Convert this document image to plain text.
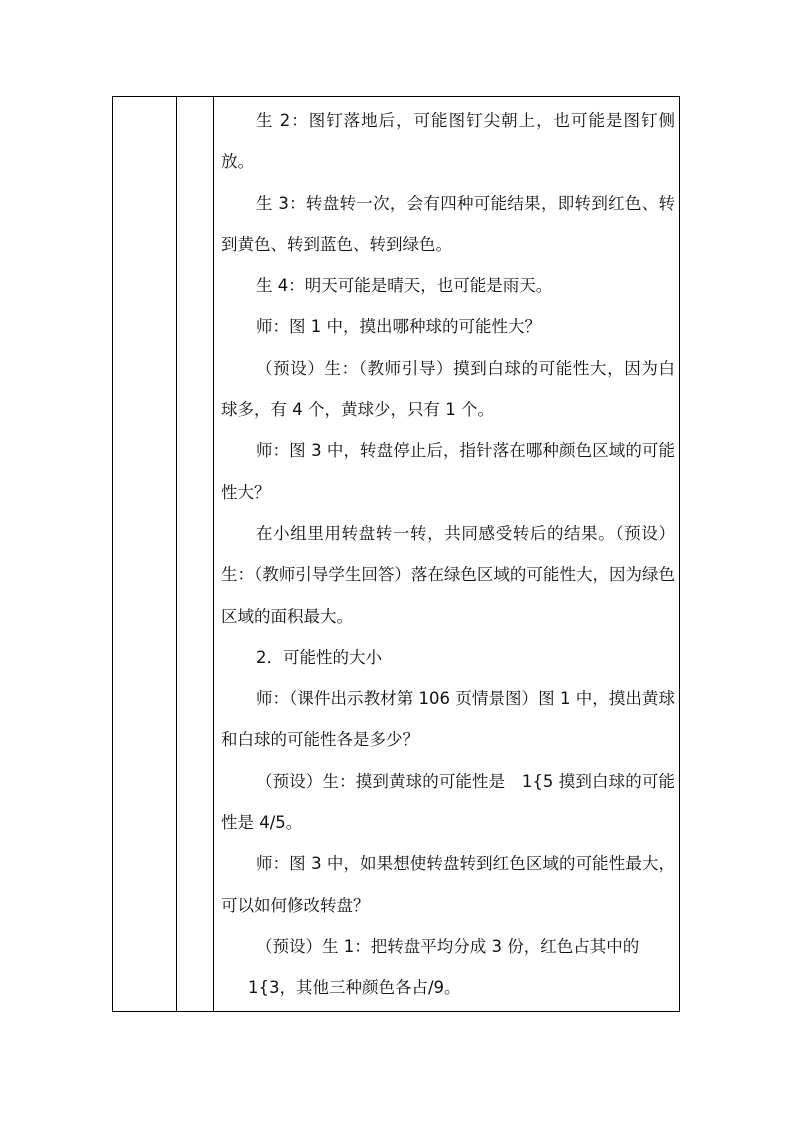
生 2：图钉落地后，可能图钉尖朝上，也可能是图钉侧放。

生 3：转盘转一次，会有四种可能结果，即转到红色、转到黄色、转到蓝色、转到绿色。

生 4：明天可能是晴天，也可能是雨天。

师：图 1 中，摸出哪种球的可能性大？

（预设）生：（教师引导）摸到白球的可能性大，因为白球多，有 4 个，黄球少，只有 1 个。

师：图 3 中，转盘停止后，指针落在哪种颜色区域的可能性大？

在小组里用转盘转一转，共同感受转后的结果。（预设）生：（教师引导学生回答）落在绿色区域的可能性大，因为绿色区域的面积最大。

2．可能性的大小

师：（课件出示教材第 106 页情景图）图 1 中，摸出黄球和白球的可能性各是多少？

（预设）生：摸到黄球的可能性是　1{5 摸到白球的可能性是 4/5。

师：图 3 中，如果想使转盘转到红色区域的可能性最大，可以如何修改转盘？

（预设）生 1：把转盘平均分成 3 份，红色占其中的

1{3，其他三种颜色各占/9。
